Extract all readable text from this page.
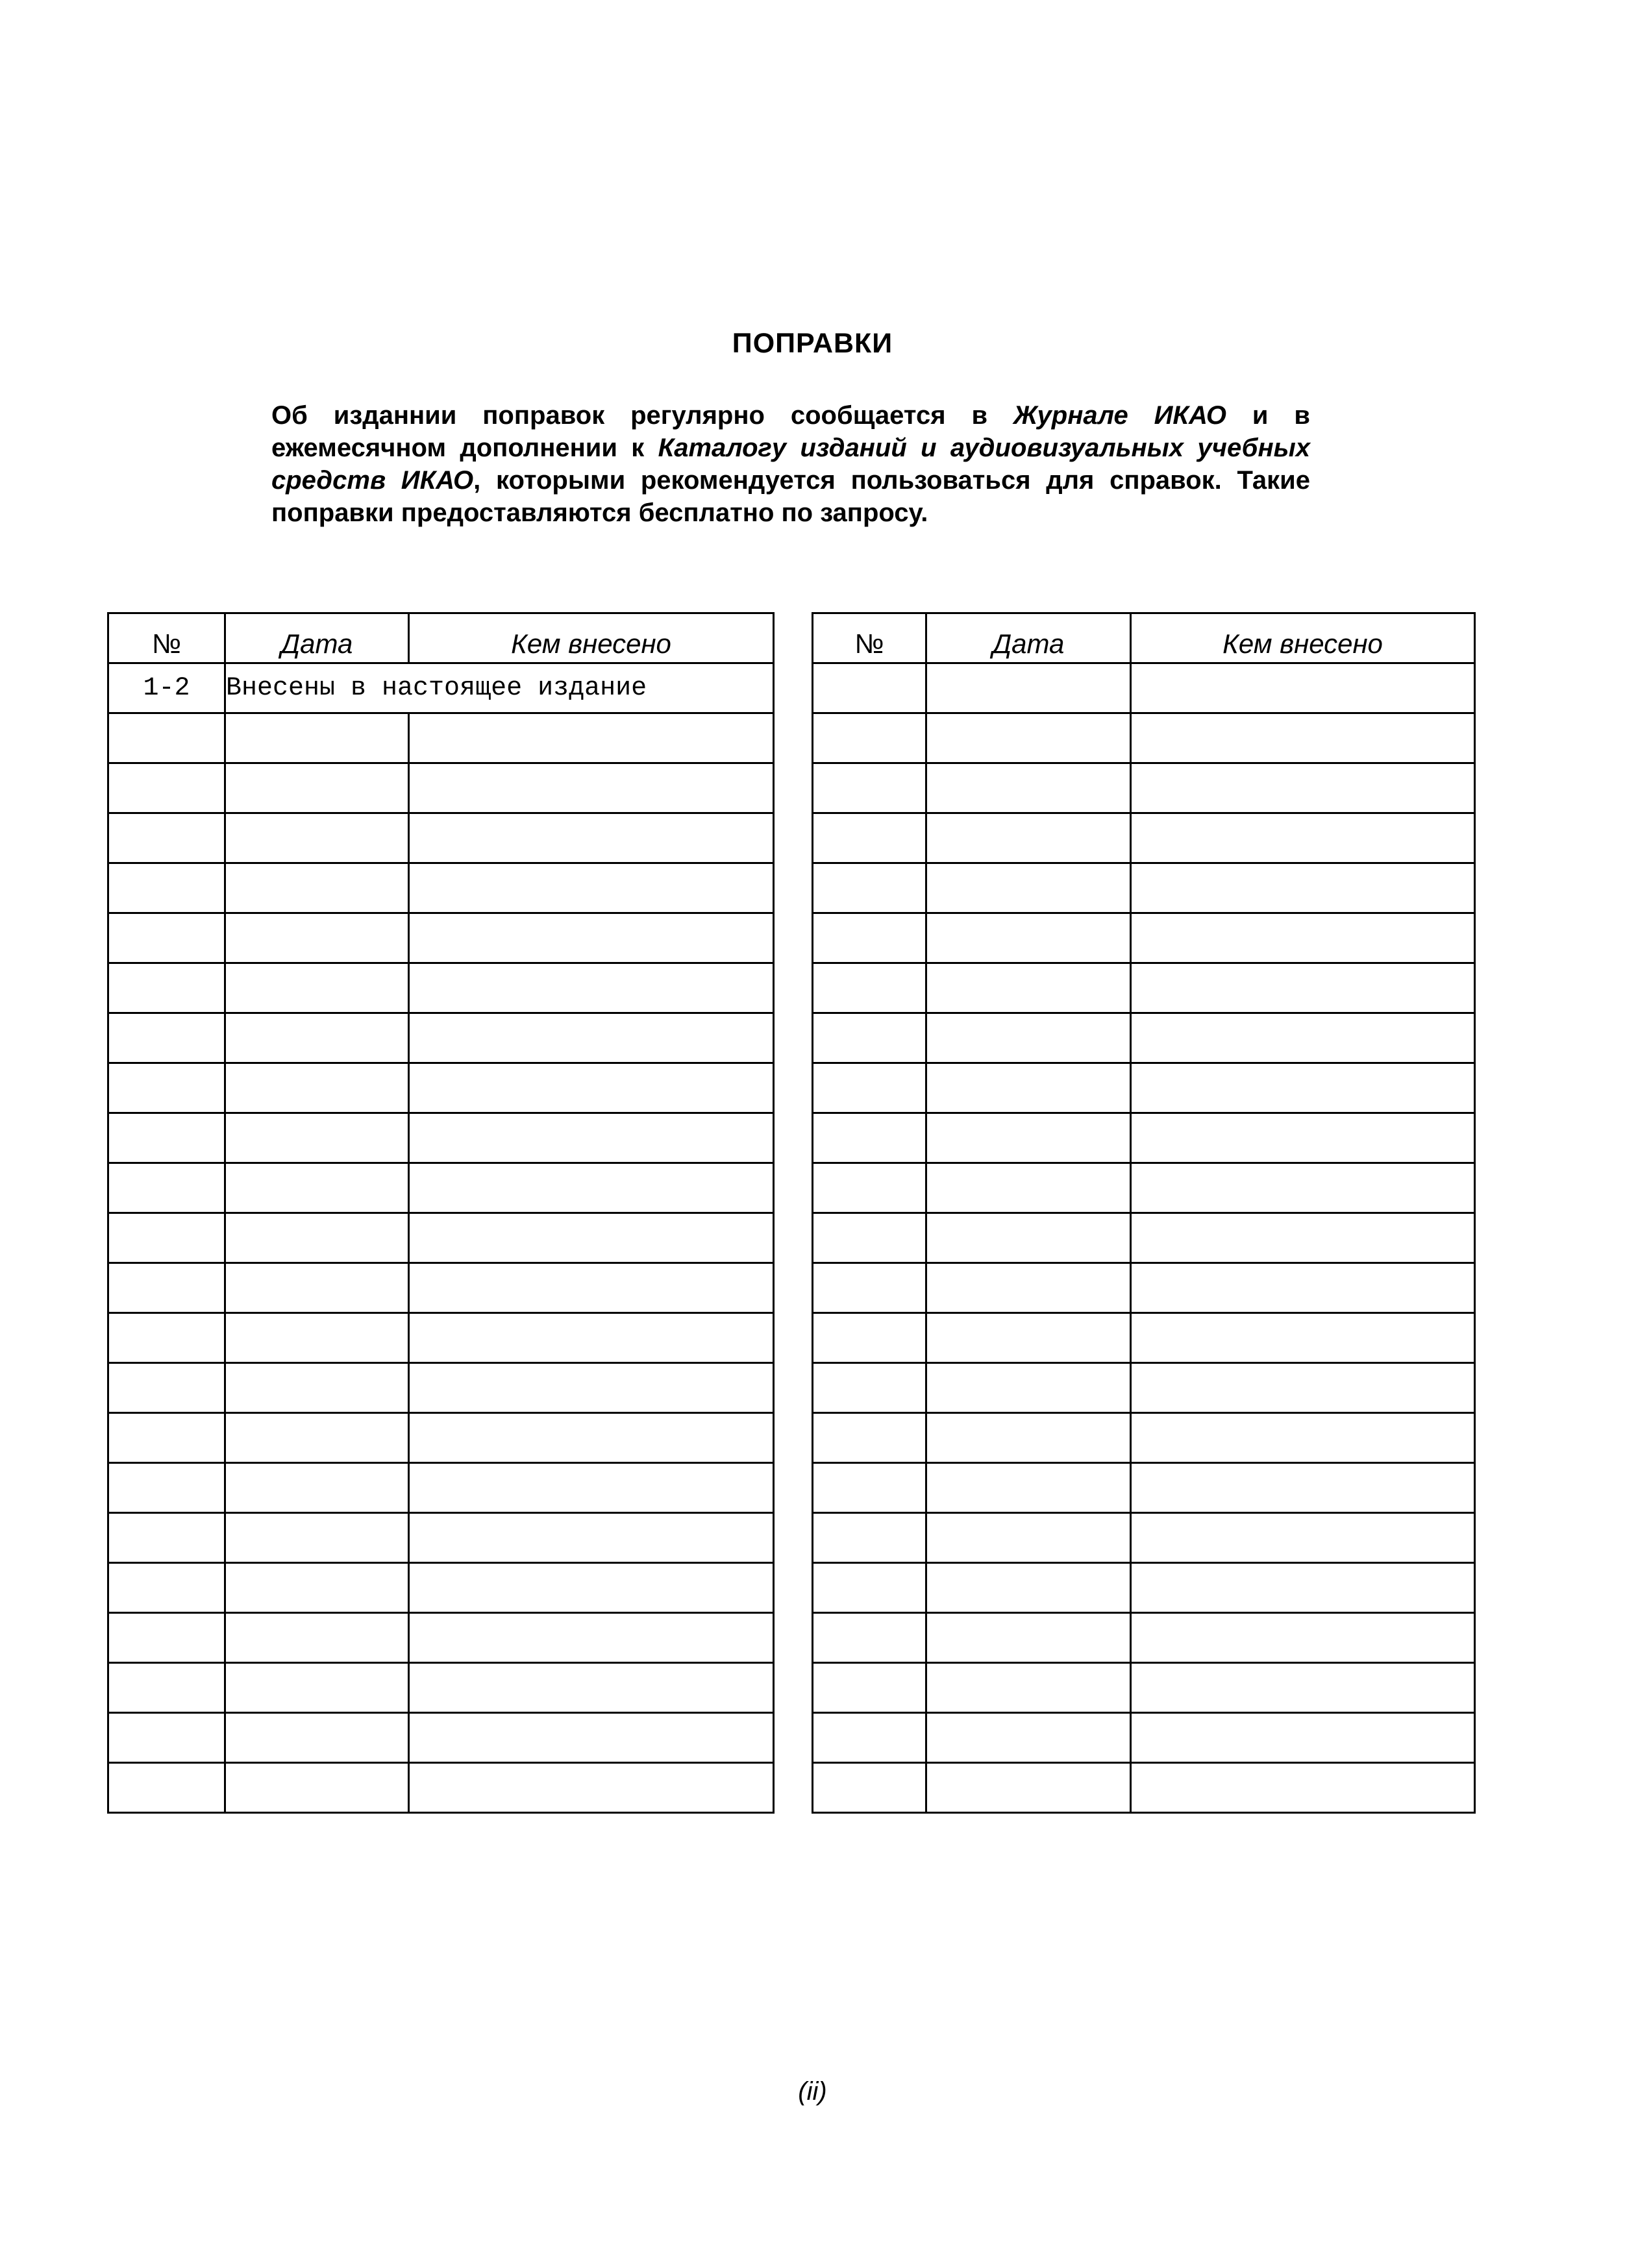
ПОПРАВКИ
Об изданнии поправок регулярно сообщается в Журнале ИКАО и в ежемесячном дополнении к Каталогу изданий и аудиовизуальных учебных средств ИКАО, которыми рекомендуется пользоваться для справок. Такие поправки предоставляются бесплатно по запросу.
№	Дата	Кем внесено
1-2	Внесены в настоящее издание	

№	Дата	Кем внесено

(ii)
